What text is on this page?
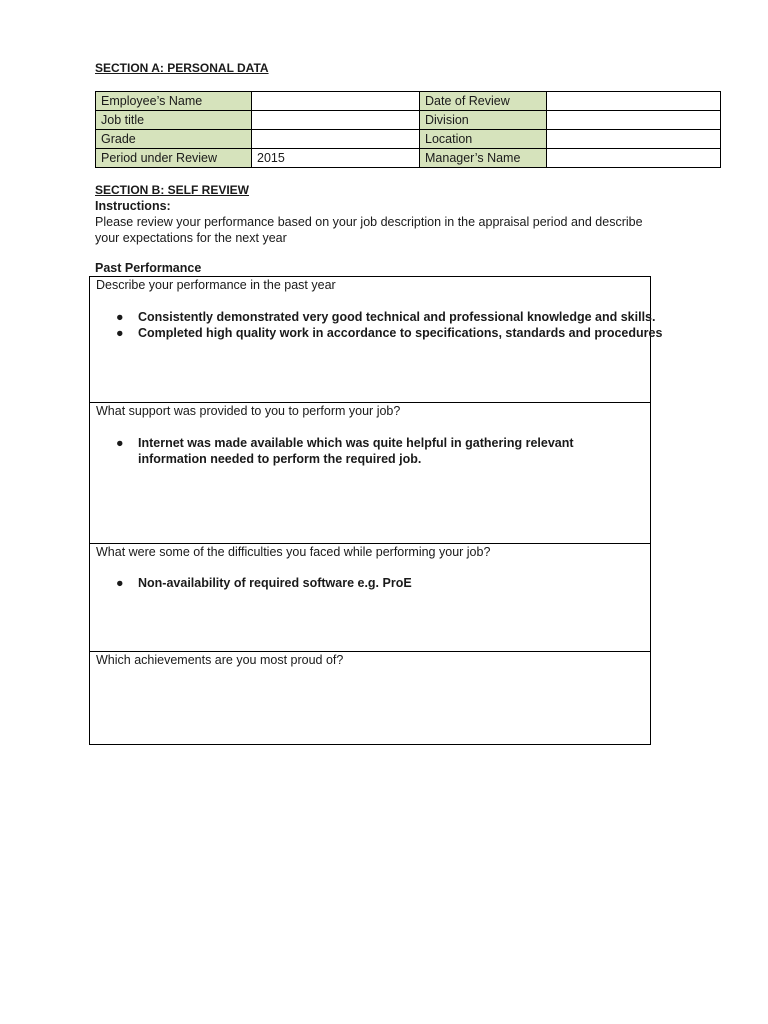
SECTION A: PERSONAL DATA
Employee’s Name		Date of Review	
Job title		Division	
Grade		Location	
Period under Review	2015	Manager’s Name	
SECTION B: SELF REVIEW
Instructions:
Please review your performance based on your job description in the appraisal period and describe your expectations for the next year
Past Performance
Describe your performance in the past year
● Consistently demonstrated very good technical and professional knowledge and skills.
● Completed high quality work in accordance to specifications, standards and procedures
What support was provided to you to perform your job?
● Internet was made available which was quite helpful in gathering relevant information needed to perform the required job.
What were some of the difficulties you faced while performing your job?
● Non-availability of required software e.g. ProE
Which achievements are you most proud of?
